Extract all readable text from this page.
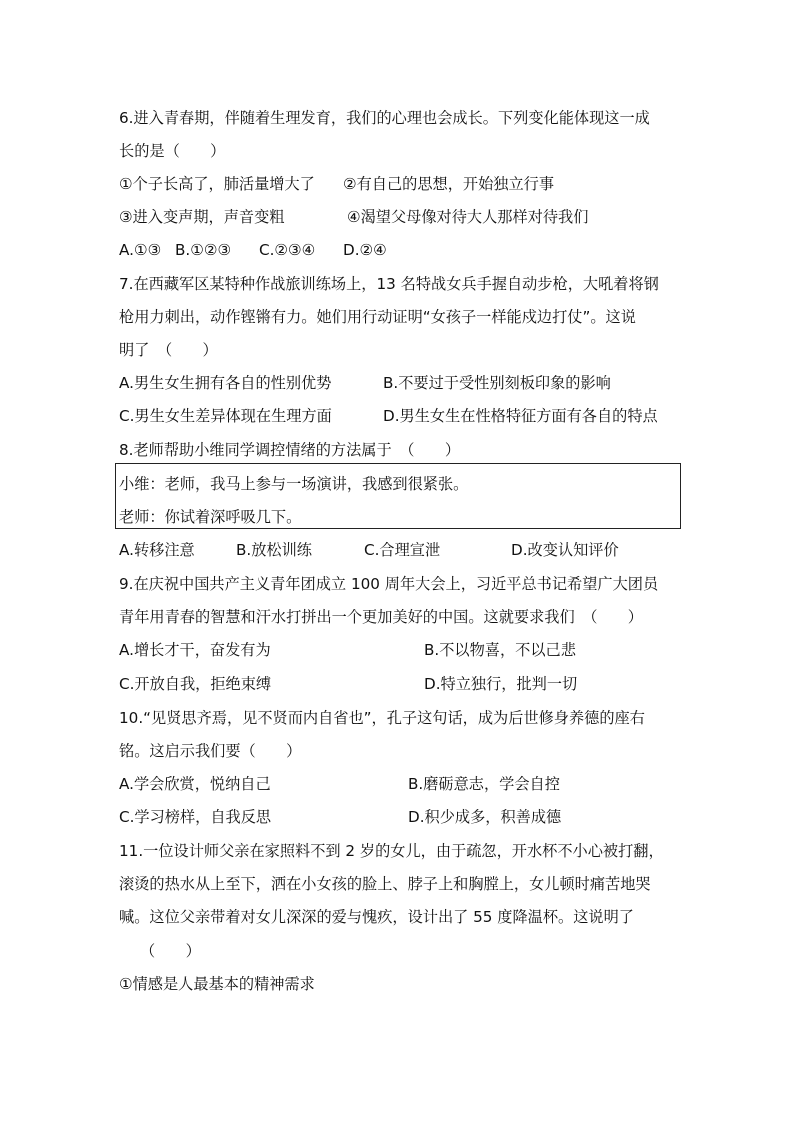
6.进入青春期，伴随着生理发育，我们的心理也会成长。下列变化能体现这一成

长的是（　　）

①个子长高了，肺活量增大了 ②有自己的思想，开始独立行事

③进入变声期，声音变粗	④渴望父母像对待大人那样对待我们

A.①③ B.①②③ C.②③④ D.②④

7.在西藏军区某特种作战旅训练场上，13 名特战女兵手握自动步枪，大吼着将钢

枪用力刺出，动作铿锵有力。她们用行动证明“女孩子一样能戍边打仗”。这说

明了　（　　）

A.男生女生拥有各自的性别优势	B.不要过于受性别刻板印象的影响

C.男生女生差异体现在生理方面	D.男生女生在性格特征方面有各自的特点

8.老师帮助小维同学调控情绪的方法属于　（　　）

小维：老师，我马上参与一场演讲，我感到很紧张。

老师：你试着深呼吸几下。

A.转移注意	B.放松训练	C.合理宣泄	D.改变认知评价

9.在庆祝中国共产主义青年团成立 100 周年大会上，习近平总书记希望广大团员

青年用青春的智慧和汗水打拼出一个更加美好的中国。这就要求我们　（　　）

A.增长才干，奋发有为	B.不以物喜，不以己悲

C.开放自我，拒绝束缚	D.特立独行，批判一切

10.“见贤思齐焉，见不贤而内自省也”，孔子这句话，成为后世修身养德的座右

铭。这启示我们要（　　）

A.学会欣赏，悦纳自己	B.磨砺意志，学会自控

C.学习榜样，自我反思	D.积少成多，积善成德

11.一位设计师父亲在家照料不到 2 岁的女儿，由于疏忽，开水杯不小心被打翻，

滚烫的热水从上至下，洒在小女孩的脸上、脖子上和胸膛上，女儿顿时痛苦地哭

喊。这位父亲带着对女儿深深的爱与愧疚，设计出了 55 度降温杯。这说明了

（　　）

①情感是人最基本的精神需求
